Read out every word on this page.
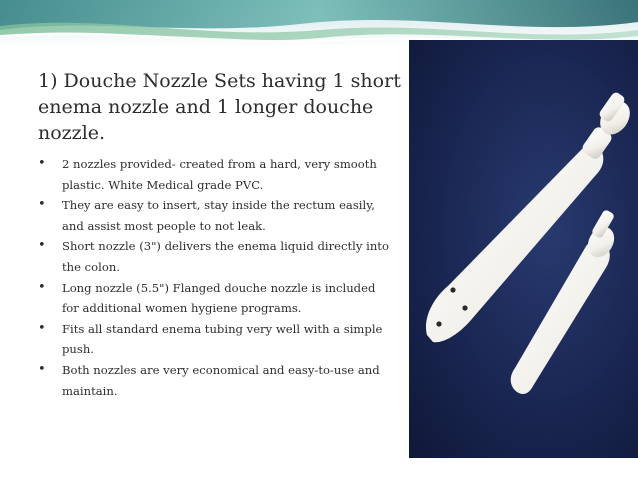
1) Douche Nozzle Sets having 1 short enema nozzle and 1 longer douche nozzle.
• 2 nozzles provided- created from a hard, very smooth plastic. White Medical grade PVC.
• They are easy to insert, stay inside the rectum easily, and assist most people to not leak.
• Short nozzle (3") delivers the enema liquid directly into the colon.
• Long nozzle (5.5") Flanged douche nozzle is included for additional women hygiene programs.
• Fits all standard enema tubing very well with a simple push.
• Both nozzles are very economical and easy-to-use and maintain.
